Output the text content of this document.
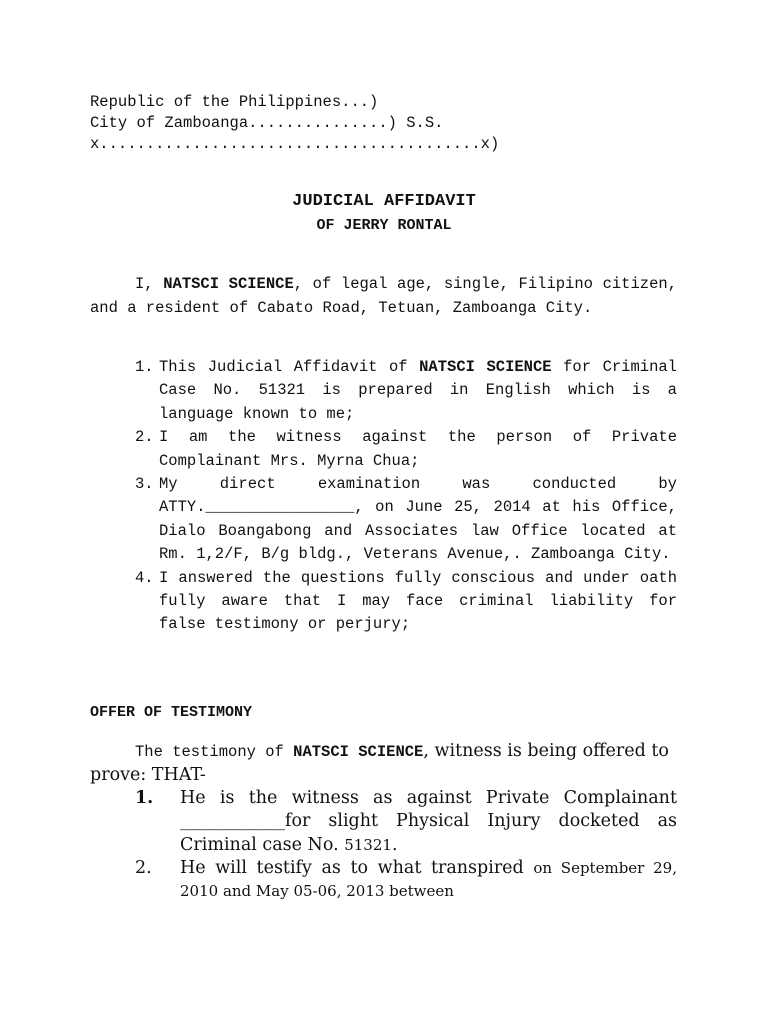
Republic of the Philippines...)
City of Zamboanga...............) S.S.
x.........................................x)
JUDICIAL AFFIDAVIT
OF JERRY RONTAL
I, NATSCI SCIENCE, of legal age, single, Filipino citizen, and a resident of Cabato Road, Tetuan, Zamboanga City.
1. This Judicial Affidavit of NATSCI SCIENCE for Criminal Case No. 51321 is prepared in English which is a language known to me;
2. I am the witness against the person of Private Complainant Mrs. Myrna Chua;
3. My direct examination was conducted by ATTY.________________, on June 25, 2014 at his Office, Dialo Boangabong and Associates law Office located at Rm. 1,2/F, B/g bldg., Veterans Avenue,. Zamboanga City.
4. I answered the questions fully conscious and under oath fully aware that I may face criminal liability for false testimony or perjury;
OFFER OF TESTIMONY
The testimony of NATSCI SCIENCE, witness is being offered to prove: THAT-
1. He is the witness as against Private Complainant ____________for slight Physical Injury docketed as Criminal case No. 51321.
2. He will testify as to what transpired on September 29, 2010 and May 05-06, 2013 between
